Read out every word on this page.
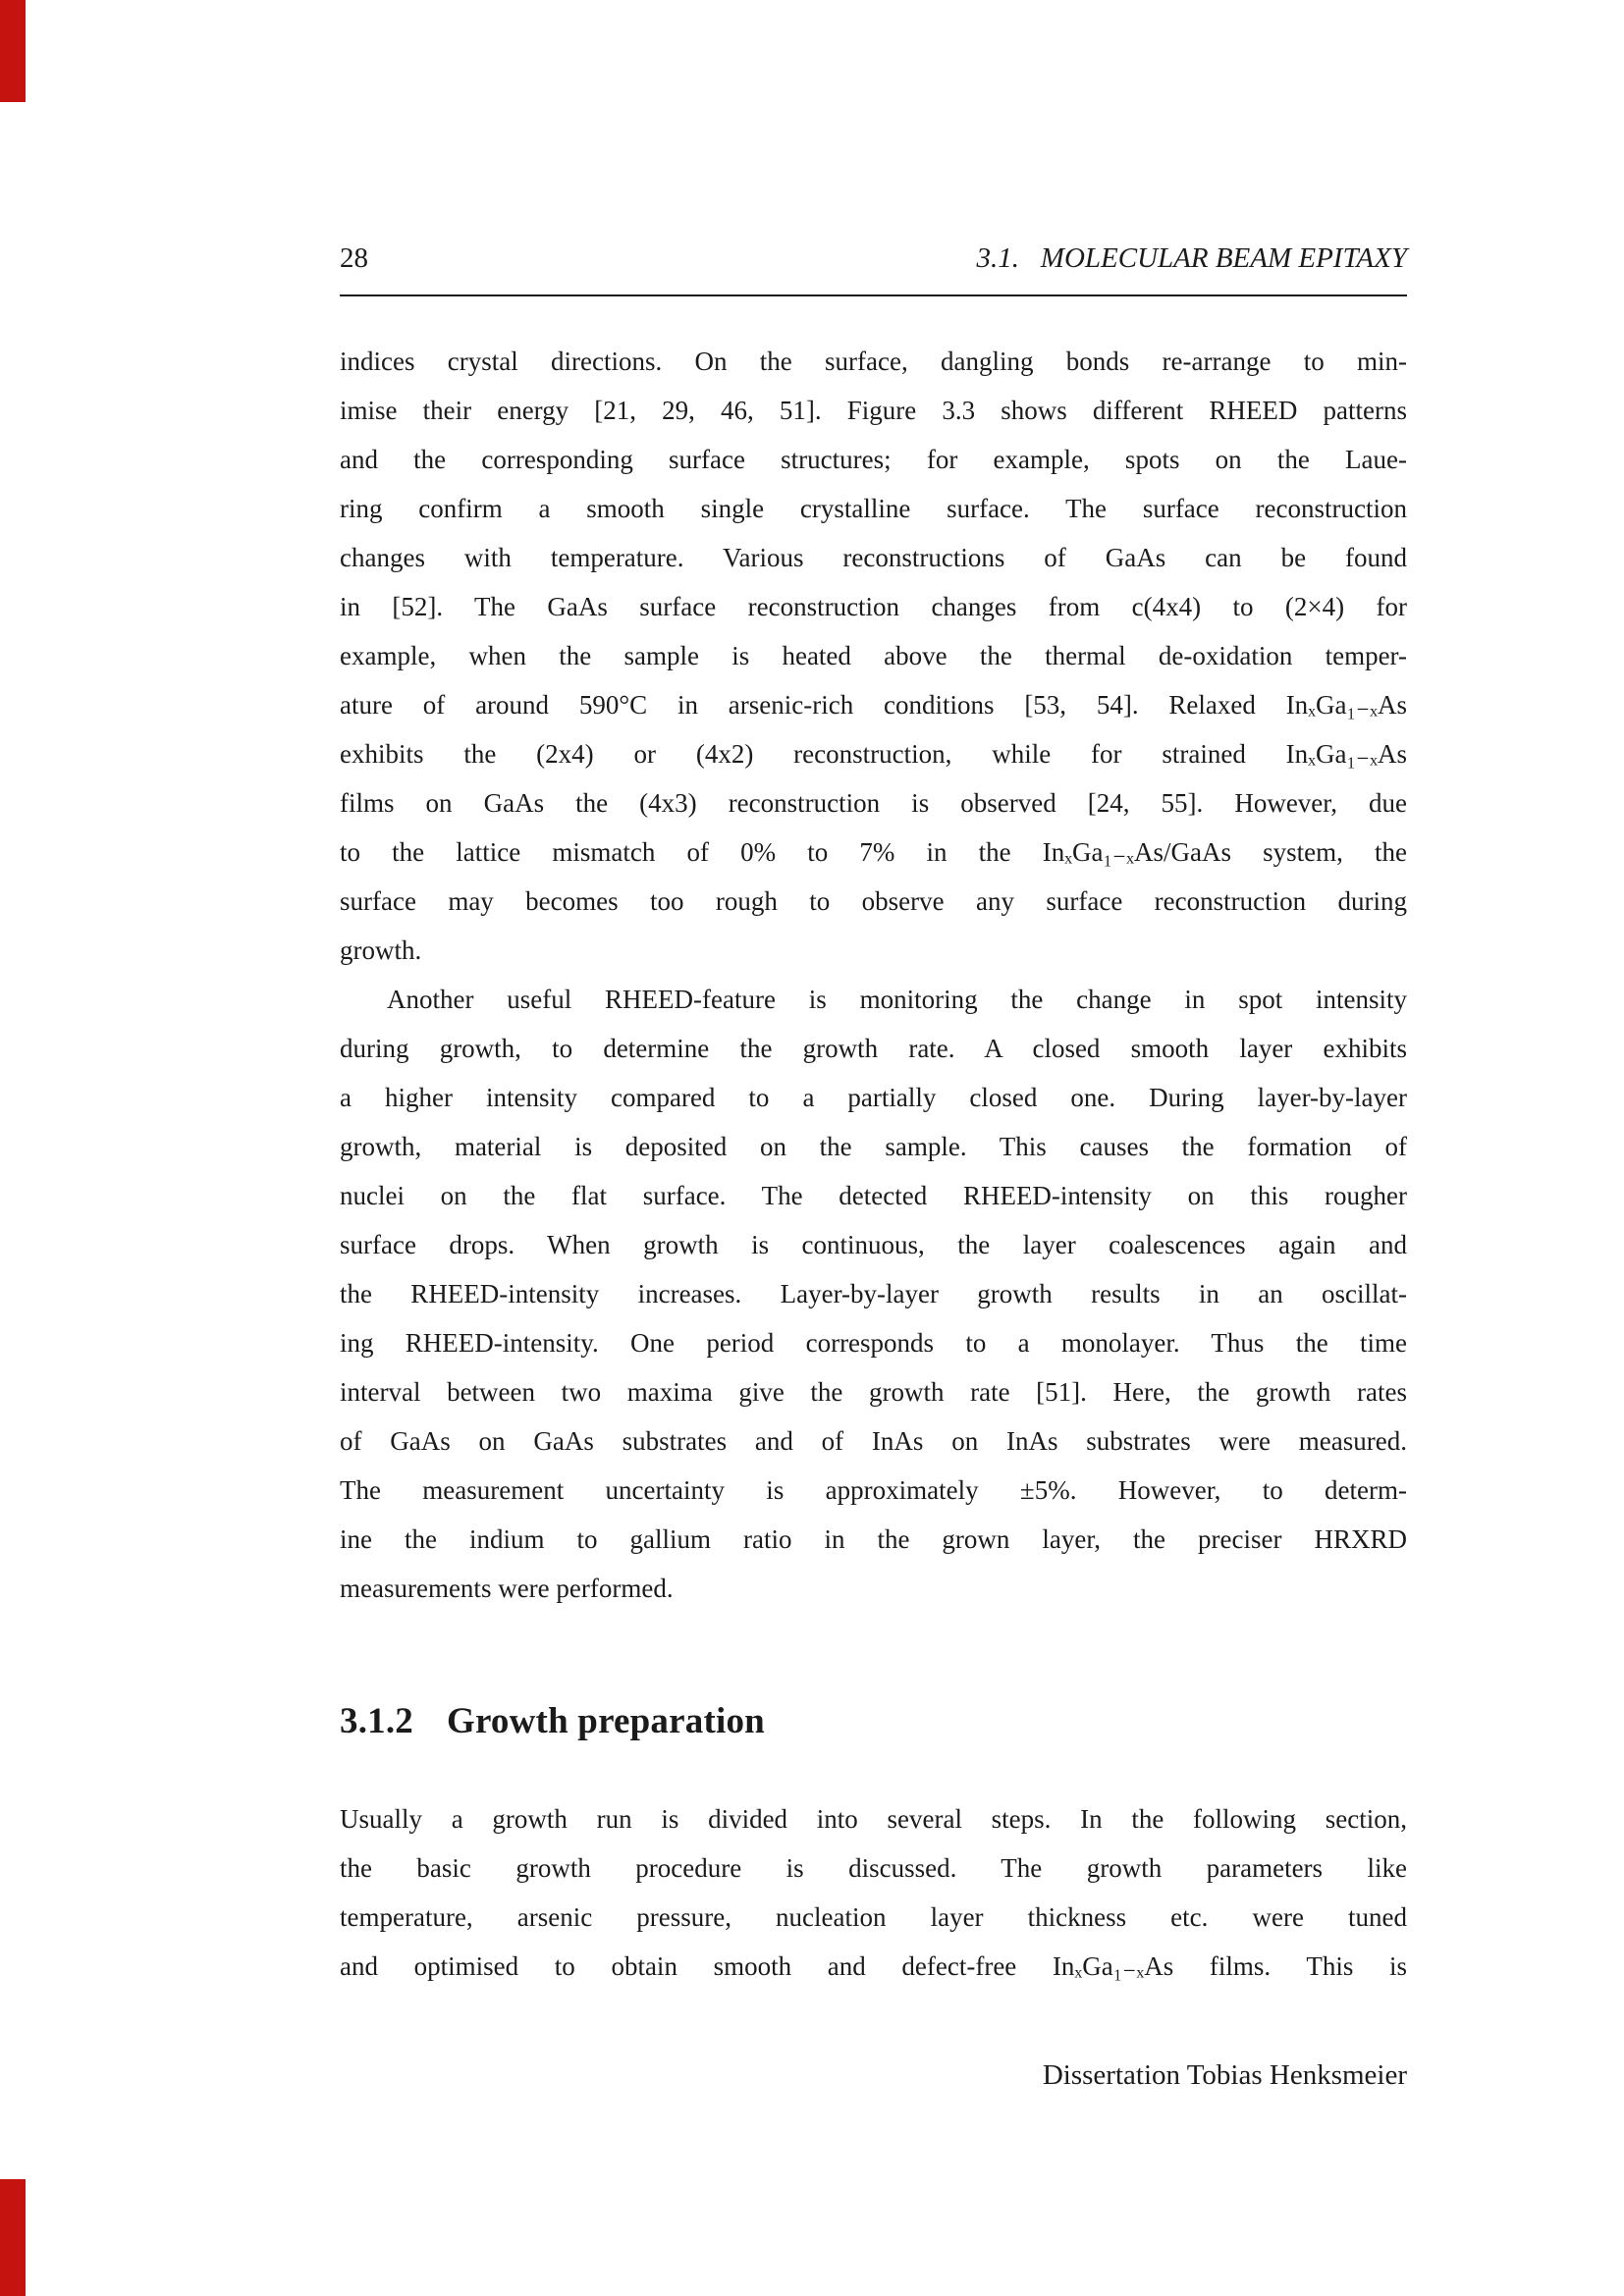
28	3.1.   MOLECULAR BEAM EPITAXY
indices crystal directions. On the surface, dangling bonds re-arrange to min-
imise their energy [21, 29, 46, 51]. Figure 3.3 shows different RHEED patterns
and the corresponding surface structures; for example, spots on the Laue-
ring confirm a smooth single crystalline surface. The surface reconstruction
changes with temperature. Various reconstructions of GaAs can be found
in [52]. The GaAs surface reconstruction changes from c(4x4) to (2×4) for
example, when the sample is heated above the thermal de-oxidation temper-
ature of around 590°C in arsenic-rich conditions [53, 54]. Relaxed InₓGa₁₋ₓAs
exhibits the (2x4) or (4x2) reconstruction, while for strained InₓGa₁₋ₓAs
films on GaAs the (4x3) reconstruction is observed [24, 55]. However, due
to the lattice mismatch of 0% to 7% in the InₓGa₁₋ₓAs/GaAs system, the
surface may becomes too rough to observe any surface reconstruction during
growth.
Another useful RHEED-feature is monitoring the change in spot intensity
during growth, to determine the growth rate. A closed smooth layer exhibits
a higher intensity compared to a partially closed one. During layer-by-layer
growth, material is deposited on the sample. This causes the formation of
nuclei on the flat surface. The detected RHEED-intensity on this rougher
surface drops. When growth is continuous, the layer coalescences again and
the RHEED-intensity increases. Layer-by-layer growth results in an oscillat-
ing RHEED-intensity. One period corresponds to a monolayer. Thus the time
interval between two maxima give the growth rate [51]. Here, the growth rates
of GaAs on GaAs substrates and of InAs on InAs substrates were measured.
The measurement uncertainty is approximately ±5%. However, to determ-
ine the indium to gallium ratio in the grown layer, the preciser HRXRD
measurements were performed.
3.1.2 Growth preparation
Usually a growth run is divided into several steps. In the following section,
the basic growth procedure is discussed. The growth parameters like
temperature, arsenic pressure, nucleation layer thickness etc. were tuned
and optimised to obtain smooth and defect-free InₓGa₁₋ₓAs films. This is
Dissertation Tobias Henksmeier
